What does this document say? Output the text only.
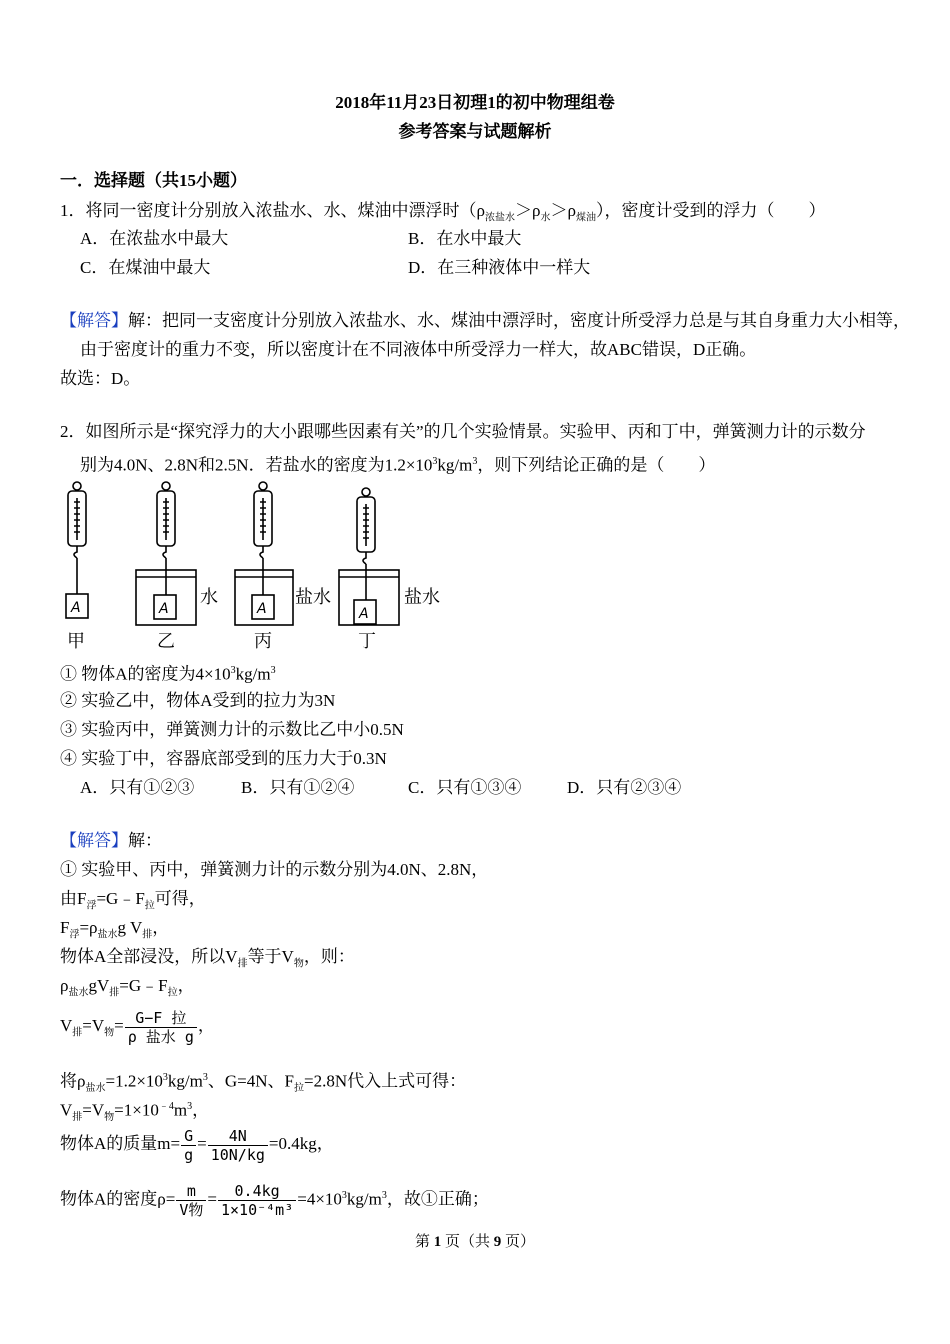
2018年11月23日初理1的初中物理组卷
参考答案与试题解析
一．选择题（共15小题）
1．将同一密度计分别放入浓盐水、水、煤油中漂浮时$(\rho_{浓盐水}>\rho_水>\rho_{煤油})$，密度计受到的浮力（　　）
A．在浓盐水中最大	B．在水中最大
C．在煤油中最大	D．在三种液体中一样大
【解答】解：把同一支密度计分别放入浓盐水、水、煤油中漂浮时，密度计所受浮力总是与其自身重力大小相等，
由于密度计的重力不变，所以密度计在不同液体中所受浮力一样大，故ABC错误，D正确。
故选：D。
2．如图所示是“探究浮力的大小跟哪些因素有关”的几个实验情景。实验甲、丙和丁中，弹簧测力计的示数分
别为4.0N、2.8N和2.5N．若盐水的密度为$1.2\times 10^3kg/m^3$，则下列结论正确的是（　　）
A	A	A	A
水	盐水	盐水
甲	乙	丙	丁
① 物体A的密度为$4\times 10^3kg/m^3$
② 实验乙中，物体A受到的拉力为3N
③ 实验丙中，弹簧测力计的示数比乙中小0.5N
④ 实验丁中，容器底部受到的压力大于0.3N
A．只有①②③	B．只有①②④	C．只有①③④	D．只有②③④
【解答】解：
① 实验甲、丙中，弹簧测力计的示数分别为4.0N、2.8N，
由$F_浮=G﹣F_拉$可得，
$F_浮=\rho_{盐水}g$ $V_排$，
物体A全部浸没，所以$V_排$等于$V_物$，则：
$\rho_{盐水}gV_排=G﹣F_拉$，
$V_排=V_物= \frac{\text{G−F 拉}}{\text{ρ 盐水 g}}$ ，
将$\rho_{盐水}=1.2\times 10^3kg/m^3$、G=4N、$F_拉=2.8N$代入上式可得：
$V_排=V_物=1\times 10^{﹣4}m^3$，
物体A的质量$m= \frac{G}{g} = \frac{4N}{10N/kg} =0.4kg$，
物体A的密度$\rho= \frac{m}{\text{V物}} = \frac{0.4kg}{\text{1×10⁻⁴m³}} =4\times 10^3kg/m^3$，故①正确；
第 1 页（共 9 页）
